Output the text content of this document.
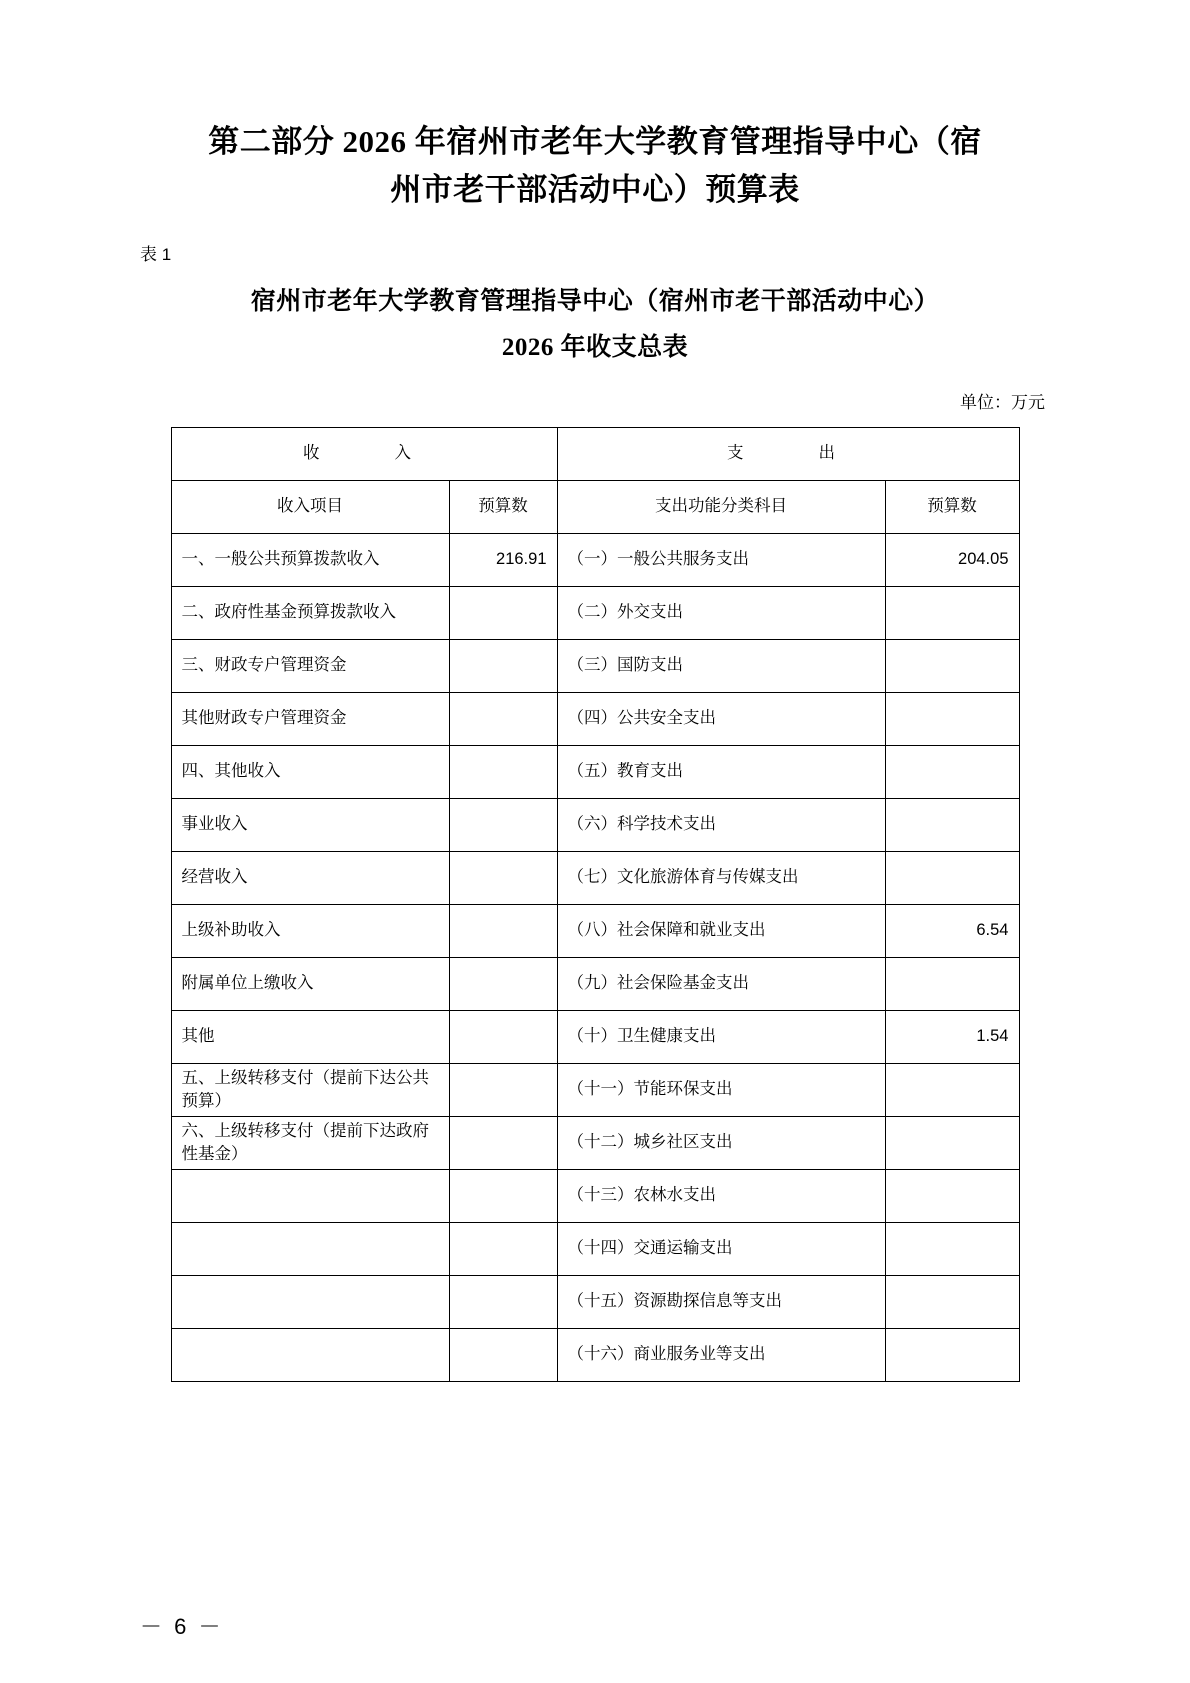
第二部分 2026 年宿州市老年大学教育管理指导中心（宿
州市老干部活动中心）预算表
表 1
宿州市老年大学教育管理指导中心（宿州市老干部活动中心）
2026 年收支总表
单位：万元
收　　入		支　　出	
收入项目	预算数	支出功能分类科目	预算数
一、一般公共预算拨款收入	216.91	（一）一般公共服务支出	204.05
二、政府性基金预算拨款收入		（二）外交支出	
三、财政专户管理资金		（三）国防支出	
其他财政专户管理资金		（四）公共安全支出	
四、其他收入		（五）教育支出	
事业收入		（六）科学技术支出	
经营收入		（七）文化旅游体育与传媒支出	
上级补助收入		（八）社会保障和就业支出	6.54
附属单位上缴收入		（九）社会保险基金支出	
其他		（十）卫生健康支出	1.54
五、上级转移支付（提前下达公共预算）		（十一）节能环保支出	
六、上级转移支付（提前下达政府性基金）		（十二）城乡社区支出	
		（十三）农林水支出	
		（十四）交通运输支出	
		（十五）资源勘探信息等支出	
		（十六）商业服务业等支出	
－ 6 －
